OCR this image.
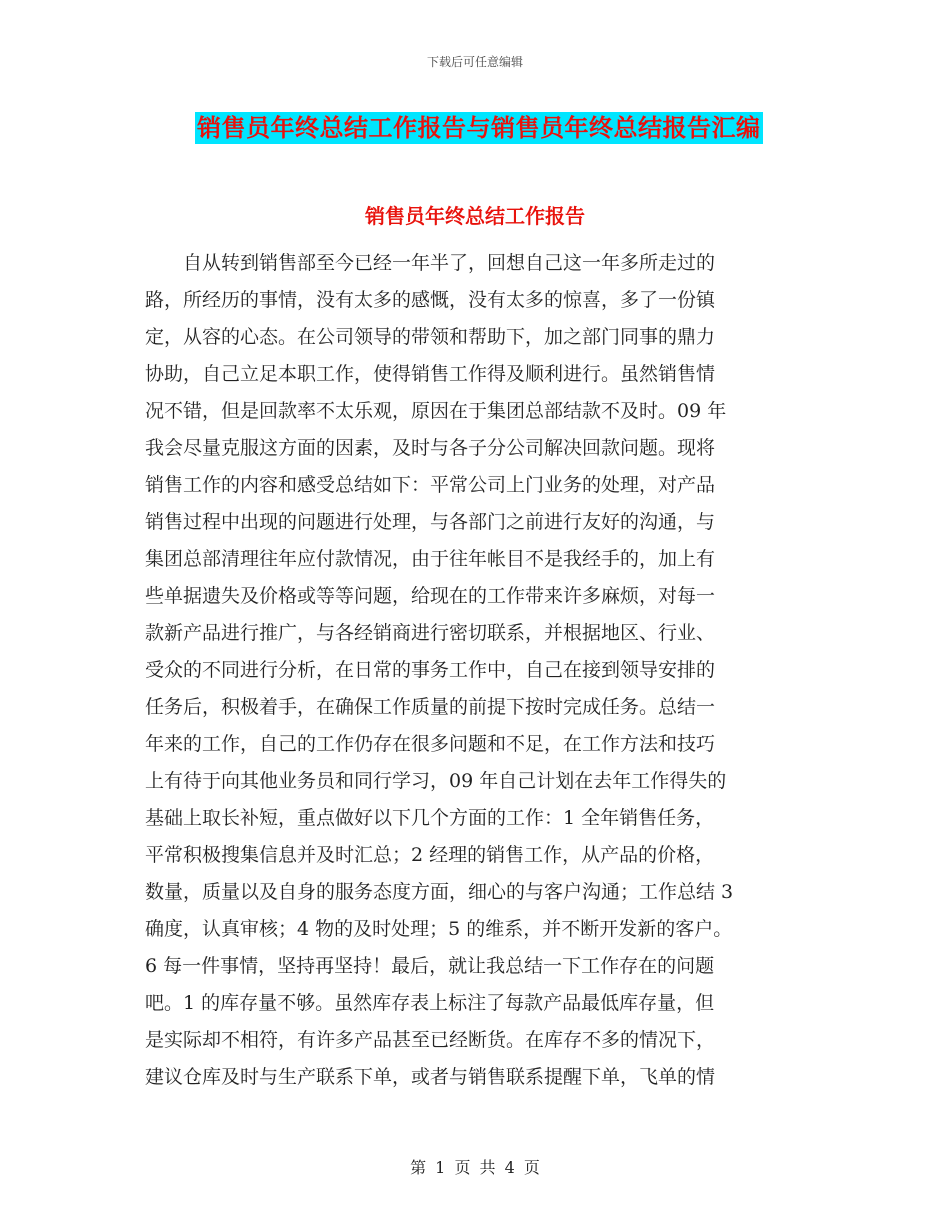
下载后可任意编辑
销售员年终总结工作报告与销售员年终总结报告汇编
销售员年终总结工作报告
　　自从转到销售部至今已经一年半了，回想自己这一年多所走过的
路，所经历的事情，没有太多的感慨，没有太多的惊喜，多了一份镇
定，从容的心态。在公司领导的带领和帮助下，加之部门同事的鼎力
协助，自己立足本职工作，使得销售工作得及顺利进行。虽然销售情
况不错，但是回款率不太乐观，原因在于集团总部结款不及时。09 年
我会尽量克服这方面的因素，及时与各子分公司解决回款问题。现将
销售工作的内容和感受总结如下：平常公司上门业务的处理，对产品
销售过程中出现的问题进行处理，与各部门之前进行友好的沟通，与
集团总部清理往年应付款情况，由于往年帐目不是我经手的，加上有
些单据遗失及价格或等等问题，给现在的工作带来许多麻烦，对每一
款新产品进行推广，与各经销商进行密切联系，并根据地区、行业、
受众的不同进行分析，在日常的事务工作中，自己在接到领导安排的
任务后，积极着手，在确保工作质量的前提下按时完成任务。总结一
年来的工作，自己的工作仍存在很多问题和不足，在工作方法和技巧
上有待于向其他业务员和同行学习，09 年自己计划在去年工作得失的
基础上取长补短，重点做好以下几个方面的工作：1 全年销售任务，
平常积极搜集信息并及时汇总；2 经理的销售工作，从产品的价格，
数量，质量以及自身的服务态度方面，细心的与客户沟通；工作总结 3
确度，认真审核；4 物的及时处理；5 的维系，并不断开发新的客户。
6 每一件事情，坚持再坚持！最后，就让我总结一下工作存在的问题
吧。1 的库存量不够。虽然库存表上标注了每款产品最低库存量，但
是实际却不相符，有许多产品甚至已经断货。在库存不多的情况下，
建议仓库及时与生产联系下单，或者与销售联系提醒下单，飞单的情
第 1 页 共 4 页
